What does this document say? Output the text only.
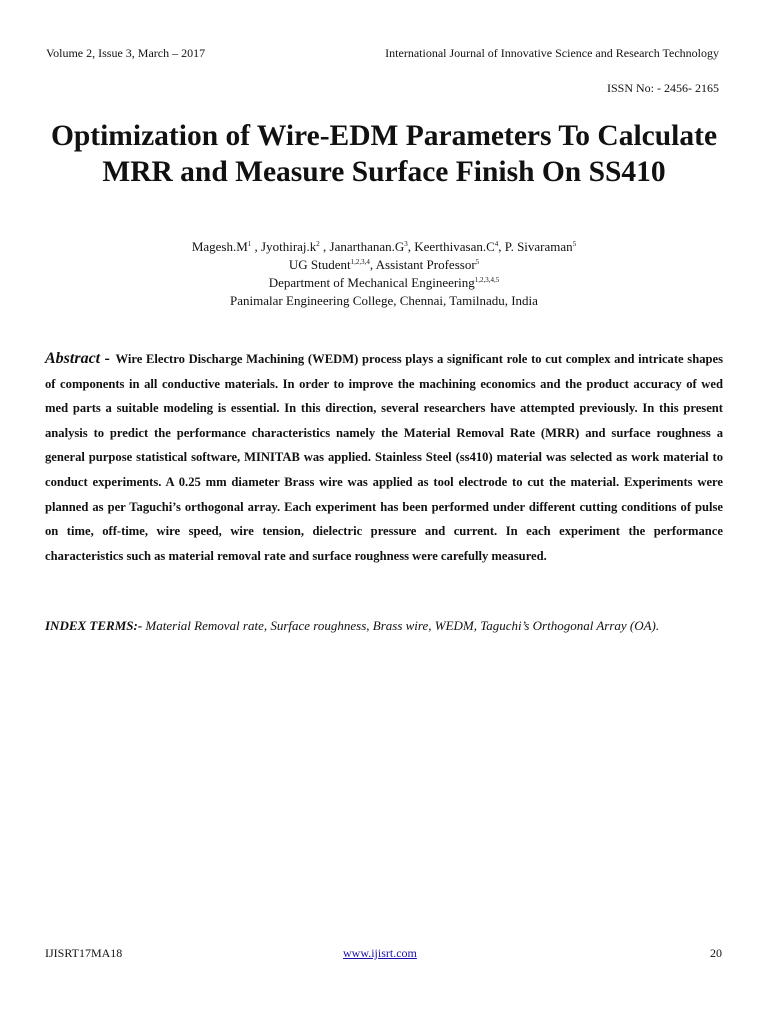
Volume 2, Issue 3, March – 2017	International Journal of Innovative Science and Research Technology
ISSN No: - 2456- 2165
Optimization of Wire-EDM Parameters To Calculate MRR and Measure Surface Finish On SS410
$Magesh.M^1$ , $Jyothiraj.k^2$ , $Janarthanan.G^3$, $Keerthivasan.C^4$, P. Sivaraman$^5$
UG Student$^{1,2,3,4}$, Assistant Professor$^5$
Department of Mechanical Engineering$^{1,2,3,4,5}$
Panimalar Engineering College, Chennai, Tamilnadu, India
Abstract - Wire Electro Discharge Machining (WEDM) process plays a significant role to cut complex and intricate shapes of components in all conductive materials. In order to improve the machining economics and the product accuracy of wed med parts a suitable modeling is essential. In this direction, several researchers have attempted previously. In this present analysis to predict the performance characteristics namely the Material Removal Rate (MRR) and surface roughness a general purpose statistical software, MINITAB was applied. Stainless Steel (ss410) material was selected as work material to conduct experiments. A 0.25 mm diameter Brass wire was applied as tool electrode to cut the material. Experiments were planned as per Taguchi’s orthogonal array. Each experiment has been performed under different cutting conditions of pulse on time, off-time, wire speed, wire tension, dielectric pressure and current. In each experiment the performance characteristics such as material removal rate and surface roughness were carefully measured.
INDEX TERMS:- Material Removal rate, Surface roughness, Brass wire, WEDM, Taguchi’s Orthogonal Array (OA).
IJISRT17MA18	www.ijisrt.com	20
